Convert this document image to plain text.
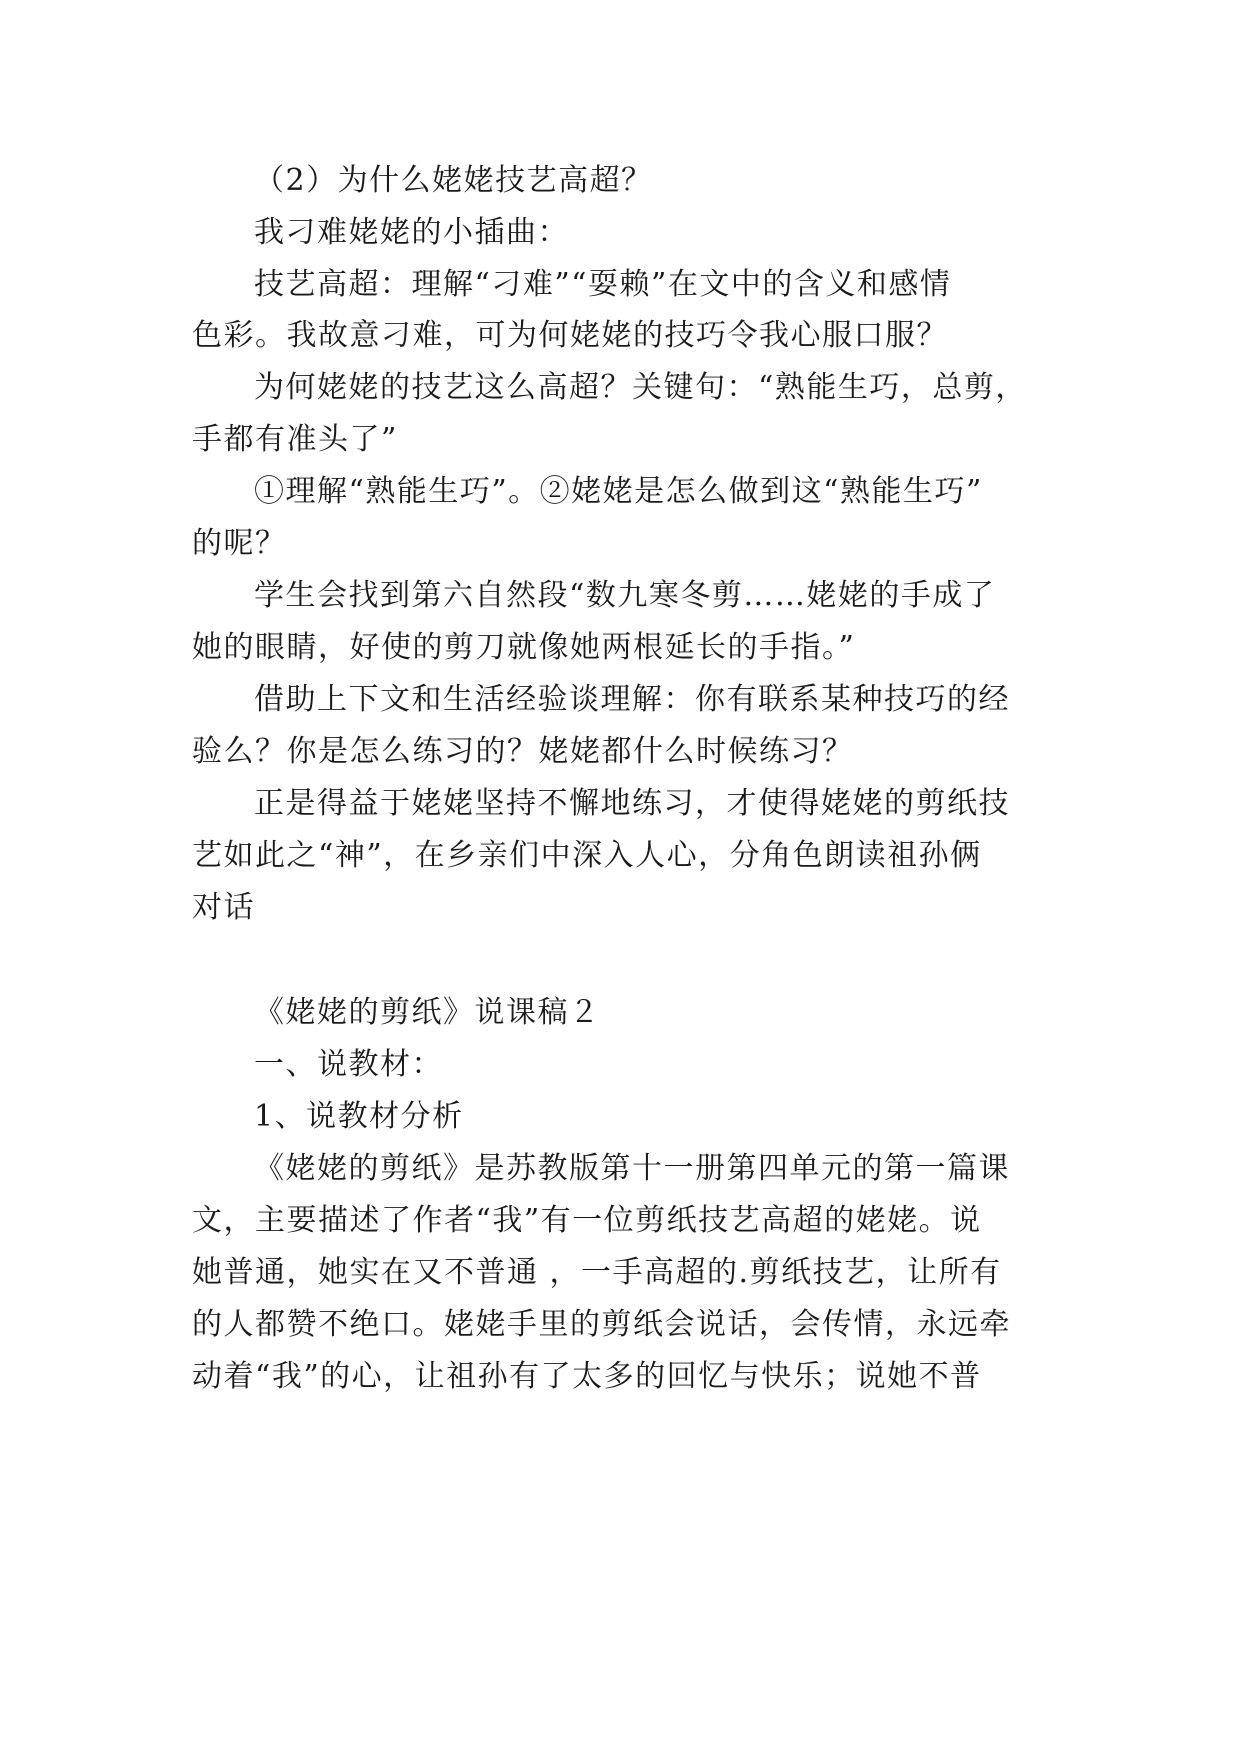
（2）为什么姥姥技艺高超？
我刁难姥姥的小插曲：
技艺高超：理解“刁难”“耍赖”在文中的含义和感情
色彩。我故意刁难，可为何姥姥的技巧令我心服口服？
为何姥姥的技艺这么高超？关键句：“熟能生巧，总剪，
手都有准头了”
①理解“熟能生巧”。②姥姥是怎么做到这“熟能生巧”
的呢？
学生会找到第六自然段“数九寒冬剪……姥姥的手成了
她的眼睛，好使的剪刀就像她两根延长的手指。”
借助上下文和生活经验谈理解：你有联系某种技巧的经
验么？你是怎么练习的？姥姥都什么时候练习？
正是得益于姥姥坚持不懈地练习，才使得姥姥的剪纸技
艺如此之“神”，在乡亲们中深入人心，分角色朗读祖孙俩
对话
《姥姥的剪纸》说课稿２
一、说教材：
1、说教材分析
《姥姥的剪纸》是苏教版第十一册第四单元的第一篇课
文，主要描述了作者“我”有一位剪纸技艺高超的姥姥。说
她普通，她实在又不普通 ，一手高超的.剪纸技艺，让所有
的人都赞不绝口。姥姥手里的剪纸会说话，会传情，永远牵
动着“我”的心，让祖孙有了太多的回忆与快乐；说她不普
